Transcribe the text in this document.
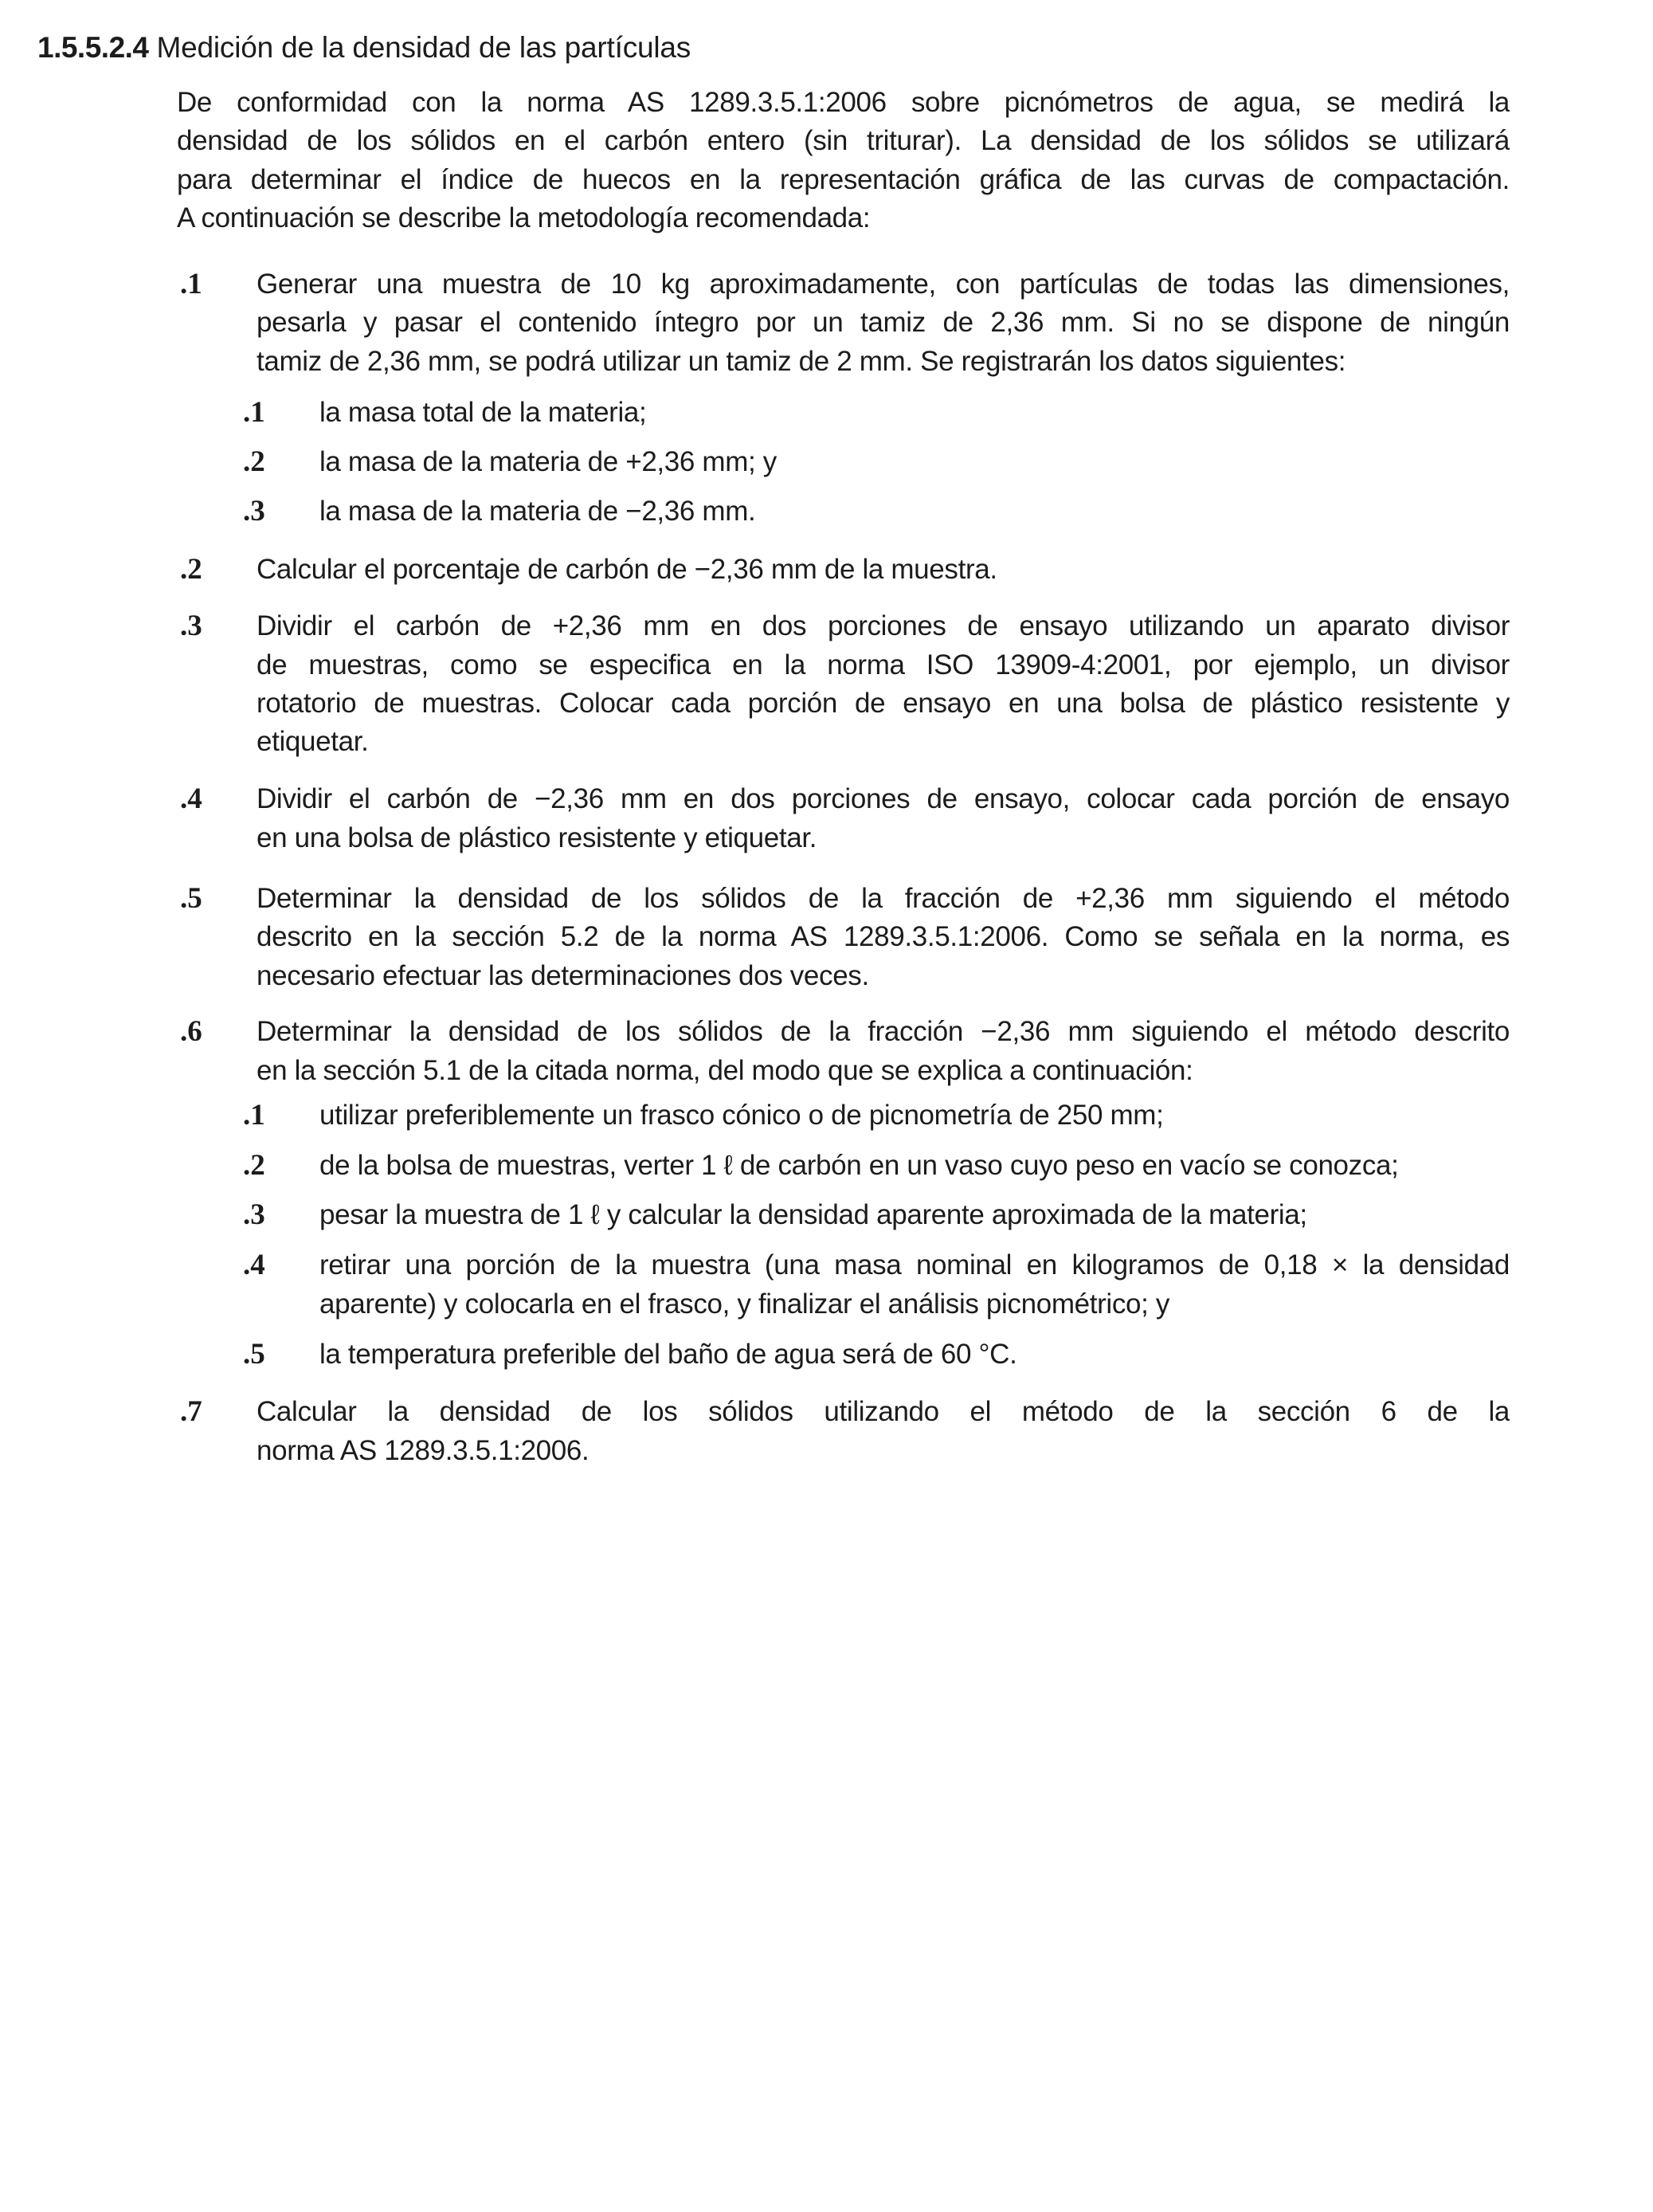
1.5.5.2.4 Medición de la densidad de las partículas
De conformidad con la norma AS 1289.3.5.1:2006 sobre picnómetros de agua, se medirá la
densidad de los sólidos en el carbón entero (sin triturar). La densidad de los sólidos se utilizará
para determinar el índice de huecos en la representación gráfica de las curvas de compactación.
A continuación se describe la metodología recomendada:
.1 Generar una muestra de 10 kg aproximadamente, con partículas de todas las dimensiones,
pesarla y pasar el contenido íntegro por un tamiz de 2,36 mm. Si no se dispone de ningún
tamiz de 2,36 mm, se podrá utilizar un tamiz de 2 mm. Se registrarán los datos siguientes:
.1 la masa total de la materia;
.2 la masa de la materia de +2,36 mm; y
.3 la masa de la materia de −2,36 mm.
.2 Calcular el porcentaje de carbón de −2,36 mm de la muestra.
.3 Dividir el carbón de +2,36 mm en dos porciones de ensayo utilizando un aparato divisor
de muestras, como se especifica en la norma ISO 13909-4:2001, por ejemplo, un divisor
rotatorio de muestras. Colocar cada porción de ensayo en una bolsa de plástico resistente y
etiquetar.
.4 Dividir el carbón de −2,36 mm en dos porciones de ensayo, colocar cada porción de ensayo
en una bolsa de plástico resistente y etiquetar.
.5 Determinar la densidad de los sólidos de la fracción de +2,36 mm siguiendo el método
descrito en la sección 5.2 de la norma AS 1289.3.5.1:2006. Como se señala en la norma, es
necesario efectuar las determinaciones dos veces.
.6 Determinar la densidad de los sólidos de la fracción −2,36 mm siguiendo el método descrito
en la sección 5.1 de la citada norma, del modo que se explica a continuación:
.1 utilizar preferiblemente un frasco cónico o de picnometría de 250 mm;
.2 de la bolsa de muestras, verter 1 ℓ de carbón en un vaso cuyo peso en vacío se conozca;
.3 pesar la muestra de 1 ℓ y calcular la densidad aparente aproximada de la materia;
.4 retirar una porción de la muestra (una masa nominal en kilogramos de 0,18 × la densidad
aparente) y colocarla en el frasco, y finalizar el análisis picnométrico; y
.5 la temperatura preferible del baño de agua será de 60 °C.
.7 Calcular la densidad de los sólidos utilizando el método de la sección 6 de la
norma AS 1289.3.5.1:2006.
